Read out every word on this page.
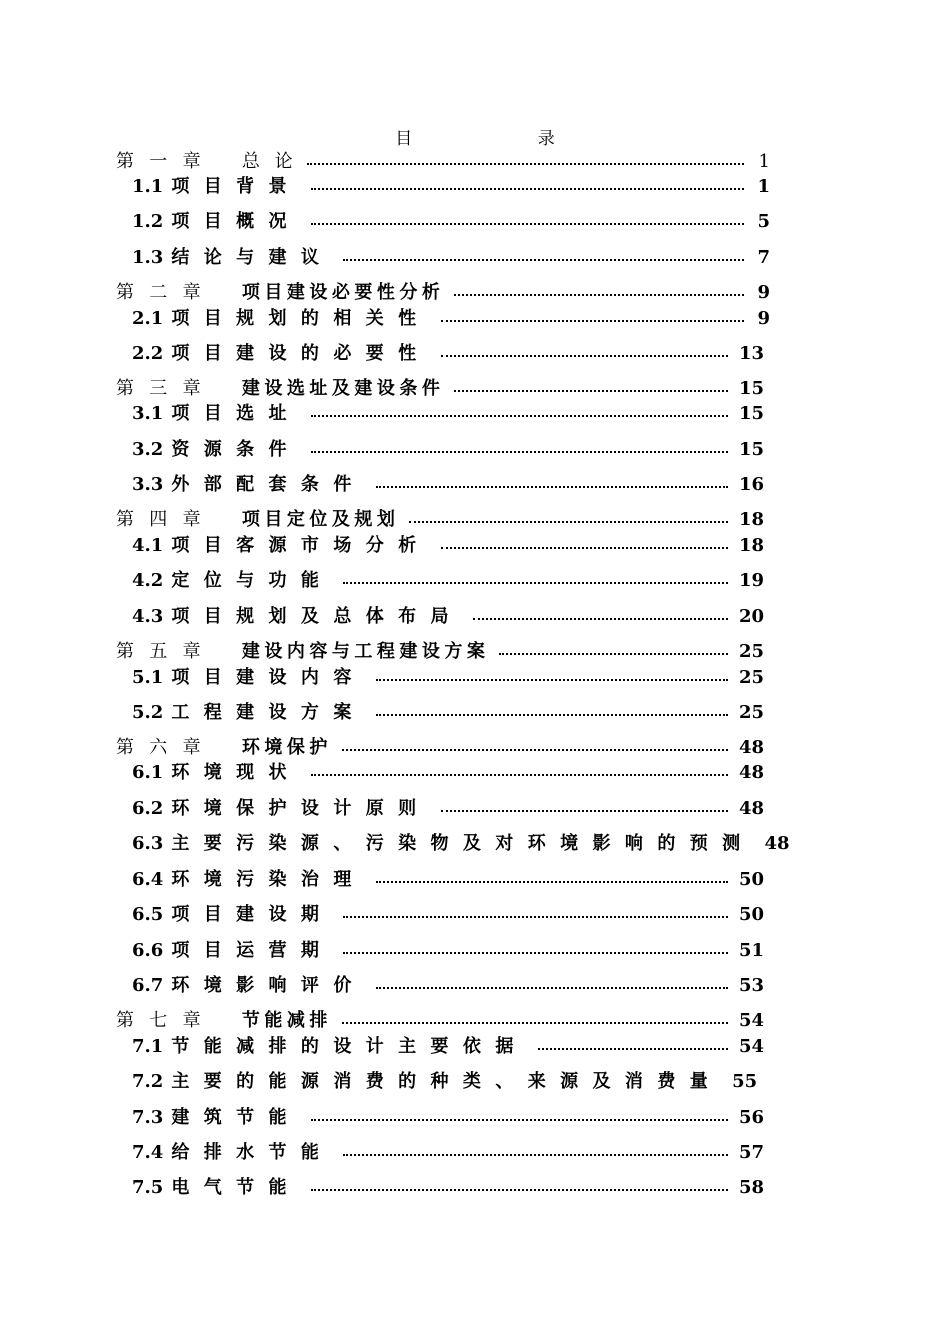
目 录
第一章 总 论	1
1.1 项目背景	1
1.2 项目概况	5
1.3 结论与建议	7
第二章 项目建设必要性分析	9
2.1 项目规划的相关性	9
2.2 项目建设的必要性	13
第三章 建设选址及建设条件	15
3.1 项目选址	15
3.2 资源条件	15
3.3 外部配套条件	16
第四章 项目定位及规划	18
4.1 项目客源市场分析	18
4.2 定位与功能	19
4.3 项目规划及总体布局	20
第五章 建设内容与工程建设方案	25
5.1 项目建设内容	25
5.2 工程建设方案	25
第六章 环境保护	48
6.1 环境现状	48
6.2 环境保护设计原则	48
6.3 主要污染源、污染物及对环境影响的预测 48
6.4 环境污染治理	50
6.5 项目建设期	50
6.6 项目运营期	51
6.7 环境影响评价	53
第七章 节能减排	54
7.1 节能减排的设计主要依据	54
7.2 主要的能源消费的种类、来源及消费量 55
7.3 建筑节能	56
7.4 给排水节能	57
7.5 电气节能	58
